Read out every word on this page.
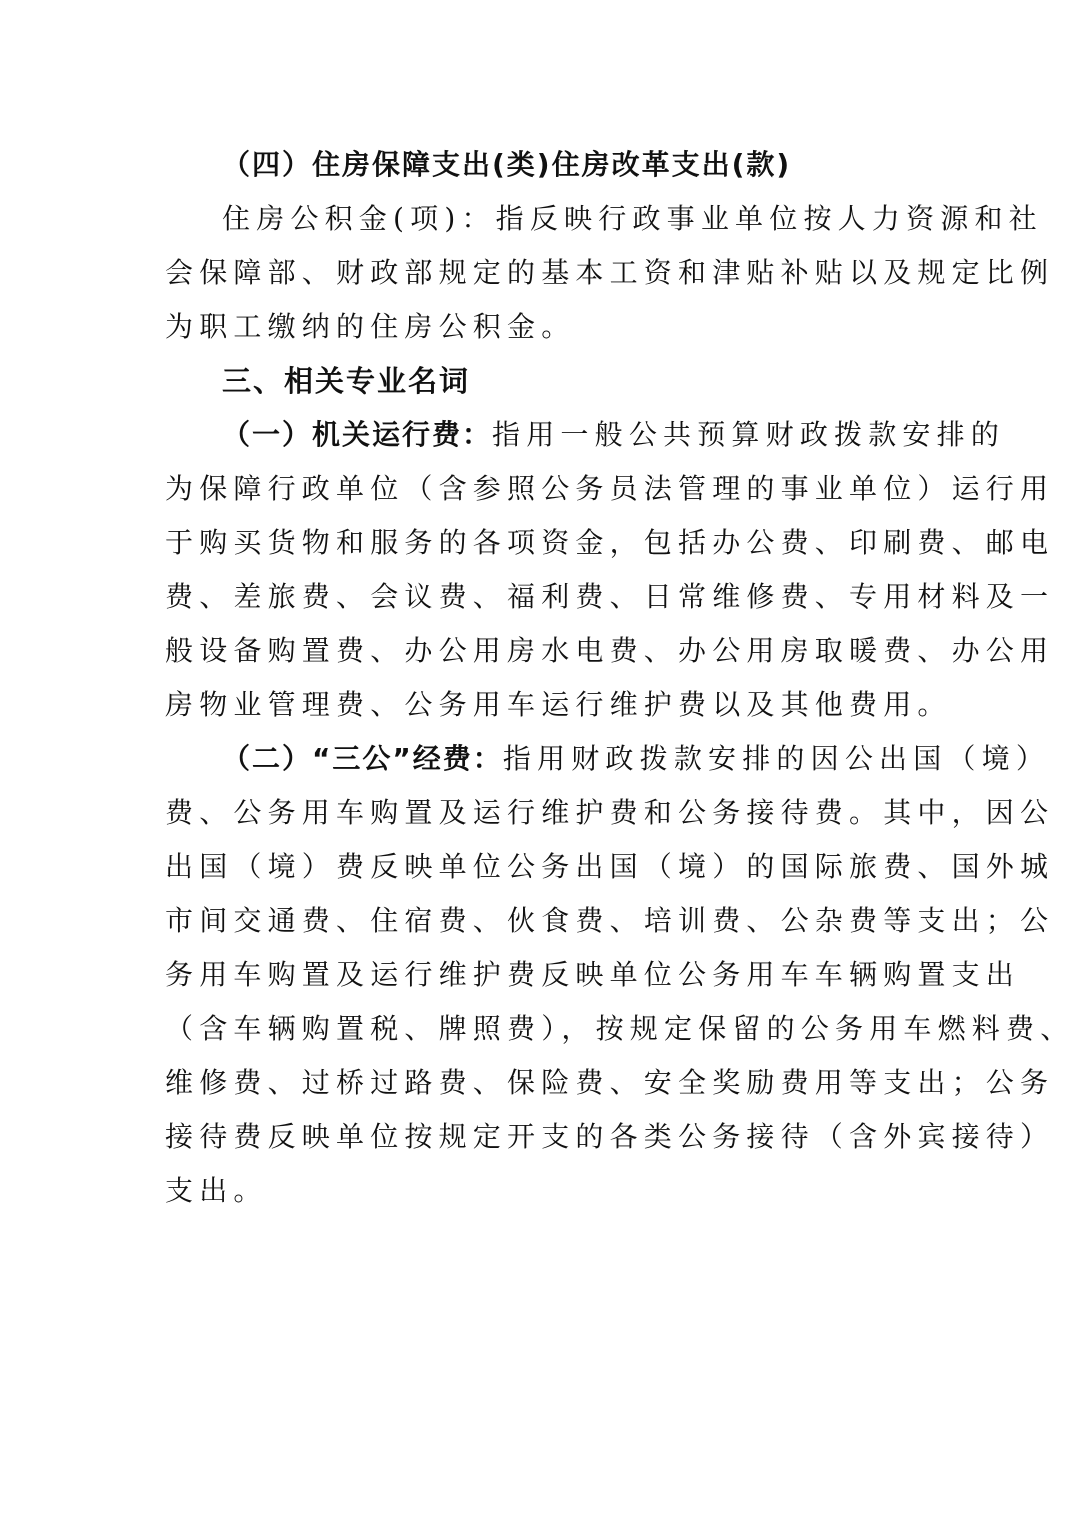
（四）住房保障支出(类)住房改革支出(款)
住房公积金(项)：指反映行政事业单位按人力资源和社
会保障部、财政部规定的基本工资和津贴补贴以及规定比例
为职工缴纳的住房公积金。
三、相关专业名词
（一）机关运行费：指用一般公共预算财政拨款安排的
为保障行政单位（含参照公务员法管理的事业单位）运行用
于购买货物和服务的各项资金，包括办公费、印刷费、邮电
费、差旅费、会议费、福利费、日常维修费、专用材料及一
般设备购置费、办公用房水电费、办公用房取暖费、办公用
房物业管理费、公务用车运行维护费以及其他费用。
（二）“三公”经费：指用财政拨款安排的因公出国（境）
费、公务用车购置及运行维护费和公务接待费。其中，因公
出国（境）费反映单位公务出国（境）的国际旅费、国外城
市间交通费、住宿费、伙食费、培训费、公杂费等支出；公
务用车购置及运行维护费反映单位公务用车车辆购置支出
（含车辆购置税、牌照费），按规定保留的公务用车燃料费、
维修费、过桥过路费、保险费、安全奖励费用等支出；公务
接待费反映单位按规定开支的各类公务接待（含外宾接待）
支出。
